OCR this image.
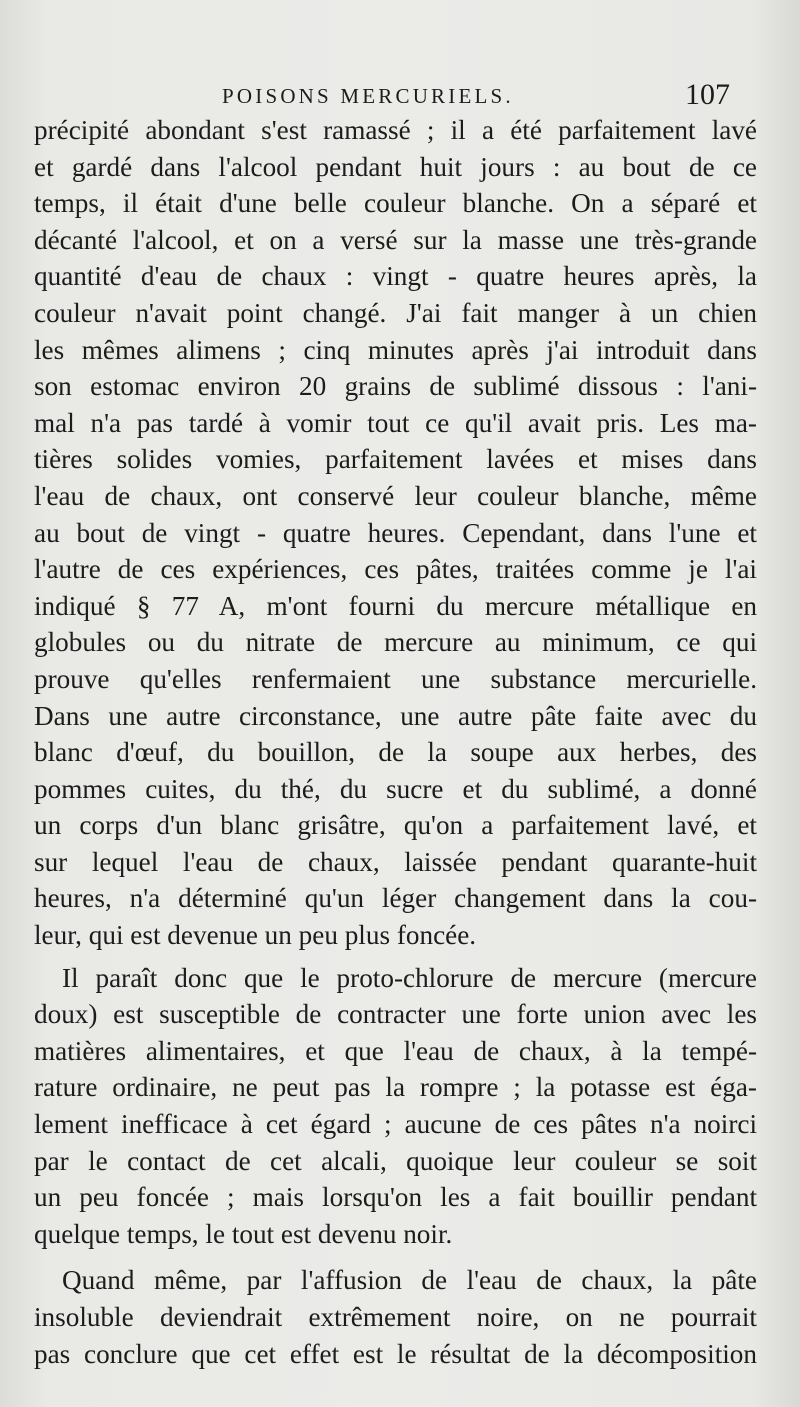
POISONS MERCURIELS.	107
précipité abondant s'est ramassé ; il a été parfaitement lavé
et gardé dans l'alcool pendant huit jours : au bout de ce
temps, il était d'une belle couleur blanche. On a séparé et
décanté l'alcool, et on a versé sur la masse une très-grande
quantité d'eau de chaux : vingt - quatre heures après, la
couleur n'avait point changé. J'ai fait manger à un chien
les mêmes alimens ; cinq minutes après j'ai introduit dans
son estomac environ 20 grains de sublimé dissous : l'ani-
mal n'a pas tardé à vomir tout ce qu'il avait pris. Les ma-
tières solides vomies, parfaitement lavées et mises dans
l'eau de chaux, ont conservé leur couleur blanche, même
au bout de vingt - quatre heures. Cependant, dans l'une et
l'autre de ces expériences, ces pâtes, traitées comme je l'ai
indiqué § 77 A, m'ont fourni du mercure métallique en
globules ou du nitrate de mercure au minimum, ce qui
prouve qu'elles renfermaient une substance mercurielle.
Dans une autre circonstance, une autre pâte faite avec du
blanc d'œuf, du bouillon, de la soupe aux herbes, des
pommes cuites, du thé, du sucre et du sublimé, a donné
un corps d'un blanc grisâtre, qu'on a parfaitement lavé, et
sur lequel l'eau de chaux, laissée pendant quarante-huit
heures, n'a déterminé qu'un léger changement dans la cou-
leur, qui est devenue un peu plus foncée.
Il paraît donc que le proto-chlorure de mercure (mercure
doux) est susceptible de contracter une forte union avec les
matières alimentaires, et que l'eau de chaux, à la tempé-
rature ordinaire, ne peut pas la rompre ; la potasse est éga-
lement inefficace à cet égard ; aucune de ces pâtes n'a noirci
par le contact de cet alcali, quoique leur couleur se soit
un peu foncée ; mais lorsqu'on les a fait bouillir pendant
quelque temps, le tout est devenu noir.
Quand même, par l'affusion de l'eau de chaux, la pâte
insoluble deviendrait extrêmement noire, on ne pourrait
pas conclure que cet effet est le résultat de la décomposition
